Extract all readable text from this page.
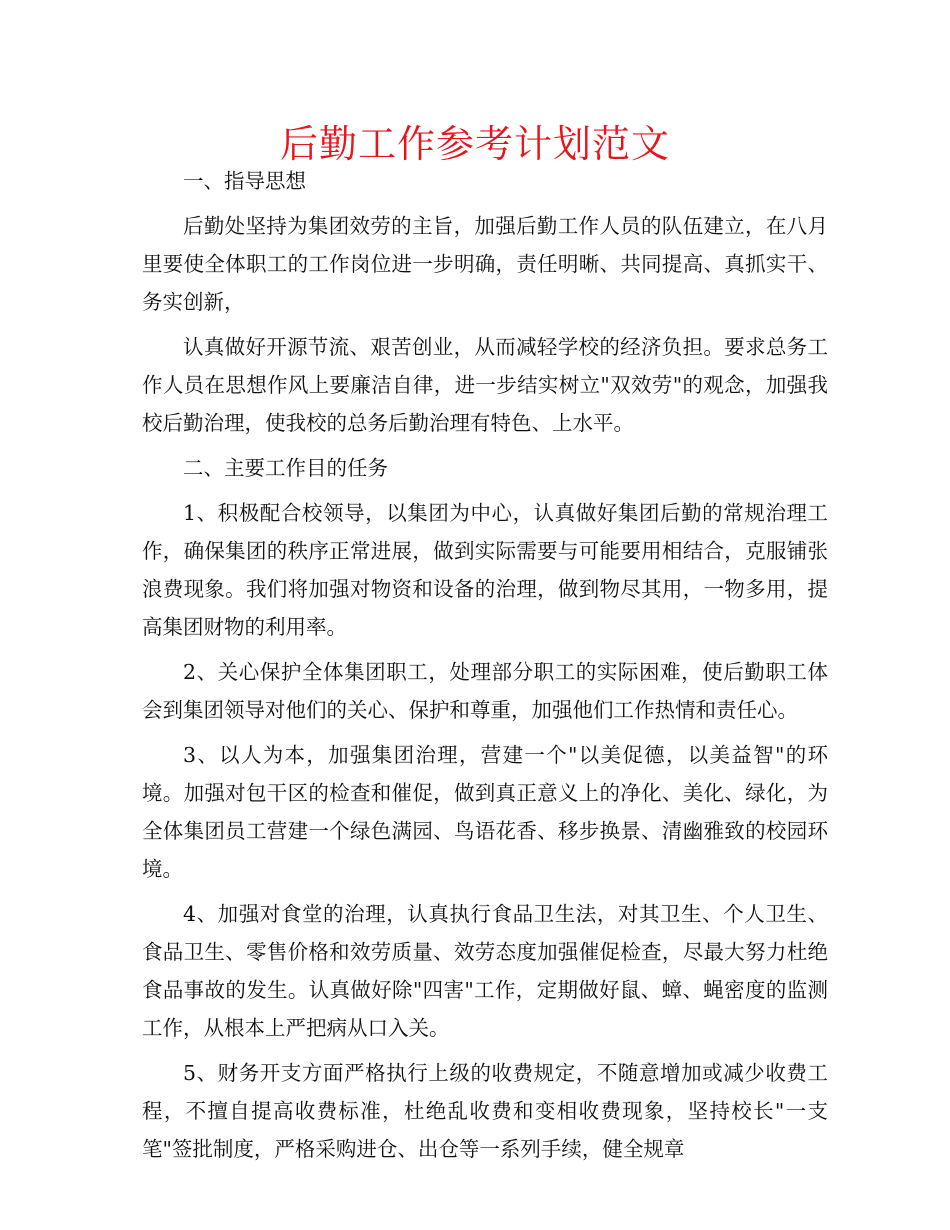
后勤工作参考计划范文

一、指导思想

后勤处坚持为集团效劳的主旨，加强后勤工作人员的队伍建立，在八月里要使全体职工的工作岗位进一步明确，责任明晰、共同提高、真抓实干、务实创新，

认真做好开源节流、艰苦创业，从而减轻学校的经济负担。要求总务工作人员在思想作风上要廉洁自律，进一步结实树立"双效劳"的观念，加强我校后勤治理，使我校的总务后勤治理有特色、上水平。

二、主要工作目的任务

1、积极配合校领导，以集团为中心，认真做好集团后勤的常规治理工作，确保集团的秩序正常进展，做到实际需要与可能要用相结合，克服铺张浪费现象。我们将加强对物资和设备的治理，做到物尽其用，一物多用，提高集团财物的利用率。

2、关心保护全体集团职工，处理部分职工的实际困难，使后勤职工体会到集团领导对他们的关心、保护和尊重，加强他们工作热情和责任心。

3、以人为本，加强集团治理，营建一个"以美促德，以美益智"的环境。加强对包干区的检查和催促，做到真正意义上的净化、美化、绿化，为全体集团员工营建一个绿色满园、鸟语花香、移步换景、清幽雅致的校园环境。

4、加强对食堂的治理，认真执行食品卫生法，对其卫生、个人卫生、食品卫生、零售价格和效劳质量、效劳态度加强催促检查，尽最大努力杜绝食品事故的发生。认真做好除"四害"工作，定期做好鼠、蟑、蝇密度的监测工作，从根本上严把病从口入关。

5、财务开支方面严格执行上级的收费规定，不随意增加或减少收费工程，不擅自提高收费标准，杜绝乱收费和变相收费现象，坚持校长"一支笔"签批制度，严格采购进仓、出仓等一系列手续，健全规章
